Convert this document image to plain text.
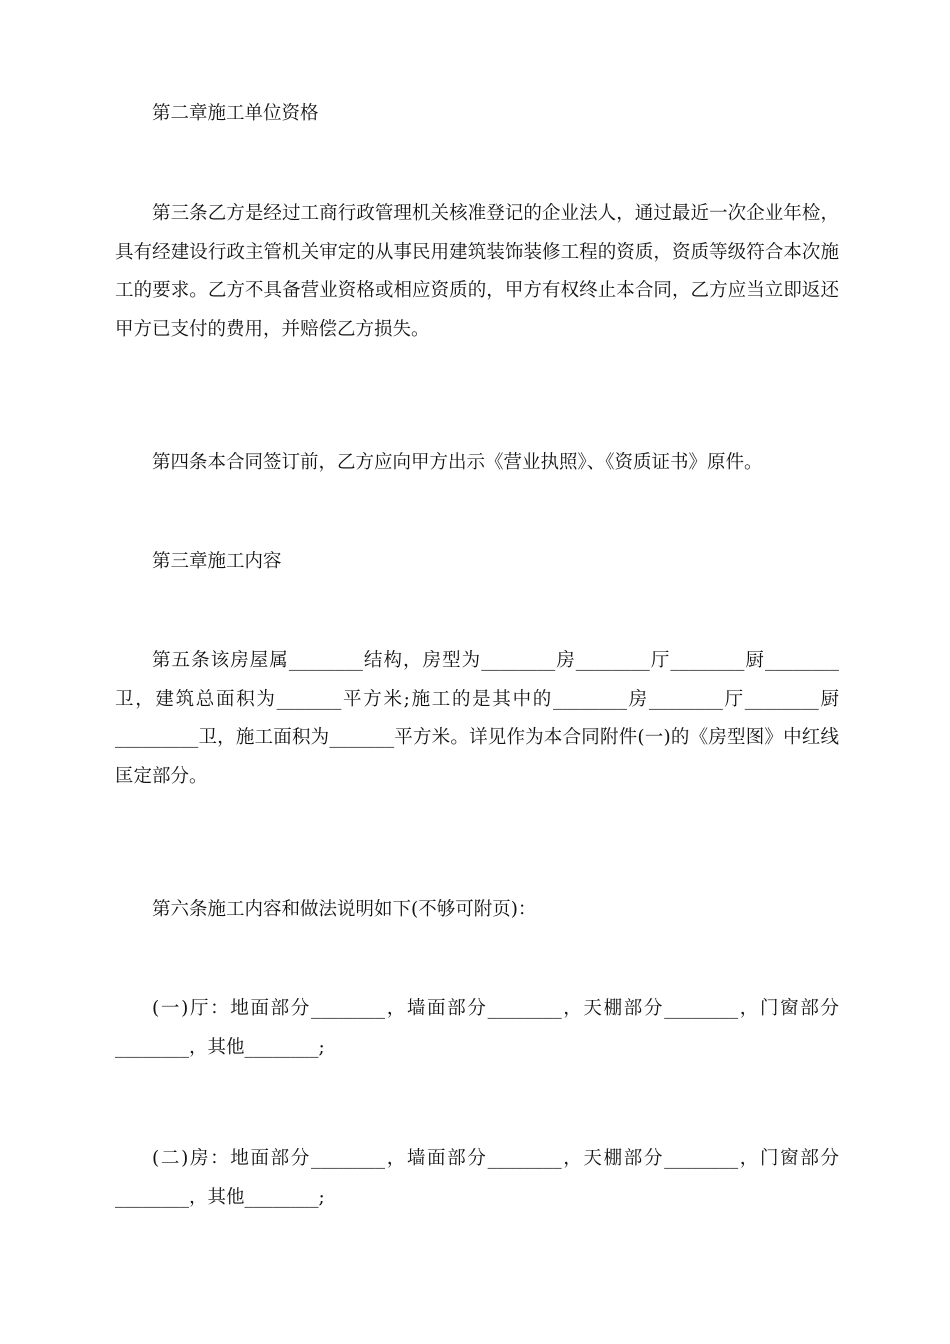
第二章施工单位资格

第三条乙方是经过工商行政管理机关核准登记的企业法人，通过最近一次企业年检，具有经建设行政主管机关审定的从事民用建筑装饰装修工程的资质，资质等级符合本次施工的要求。乙方不具备营业资格或相应资质的，甲方有权终止本合同，乙方应当立即返还甲方已支付的费用，并赔偿乙方损失。

第四条本合同签订前，乙方应向甲方出示《营业执照》、《资质证书》原件。

第三章施工内容

第五条该房屋属________结构，房型为________房________厅________厨________卫，建筑总面积为_______平方米;施工的是其中的________房________厅________厨_________卫，施工面积为_______平方米。详见作为本合同附件(一)的《房型图》中红线匡定部分。

第六条施工内容和做法说明如下(不够可附页)：

(一)厅：地面部分________，墙面部分________，天棚部分________，门窗部分________，其他________;

(二)房：地面部分________，墙面部分________，天棚部分________，门窗部分________，其他________;
